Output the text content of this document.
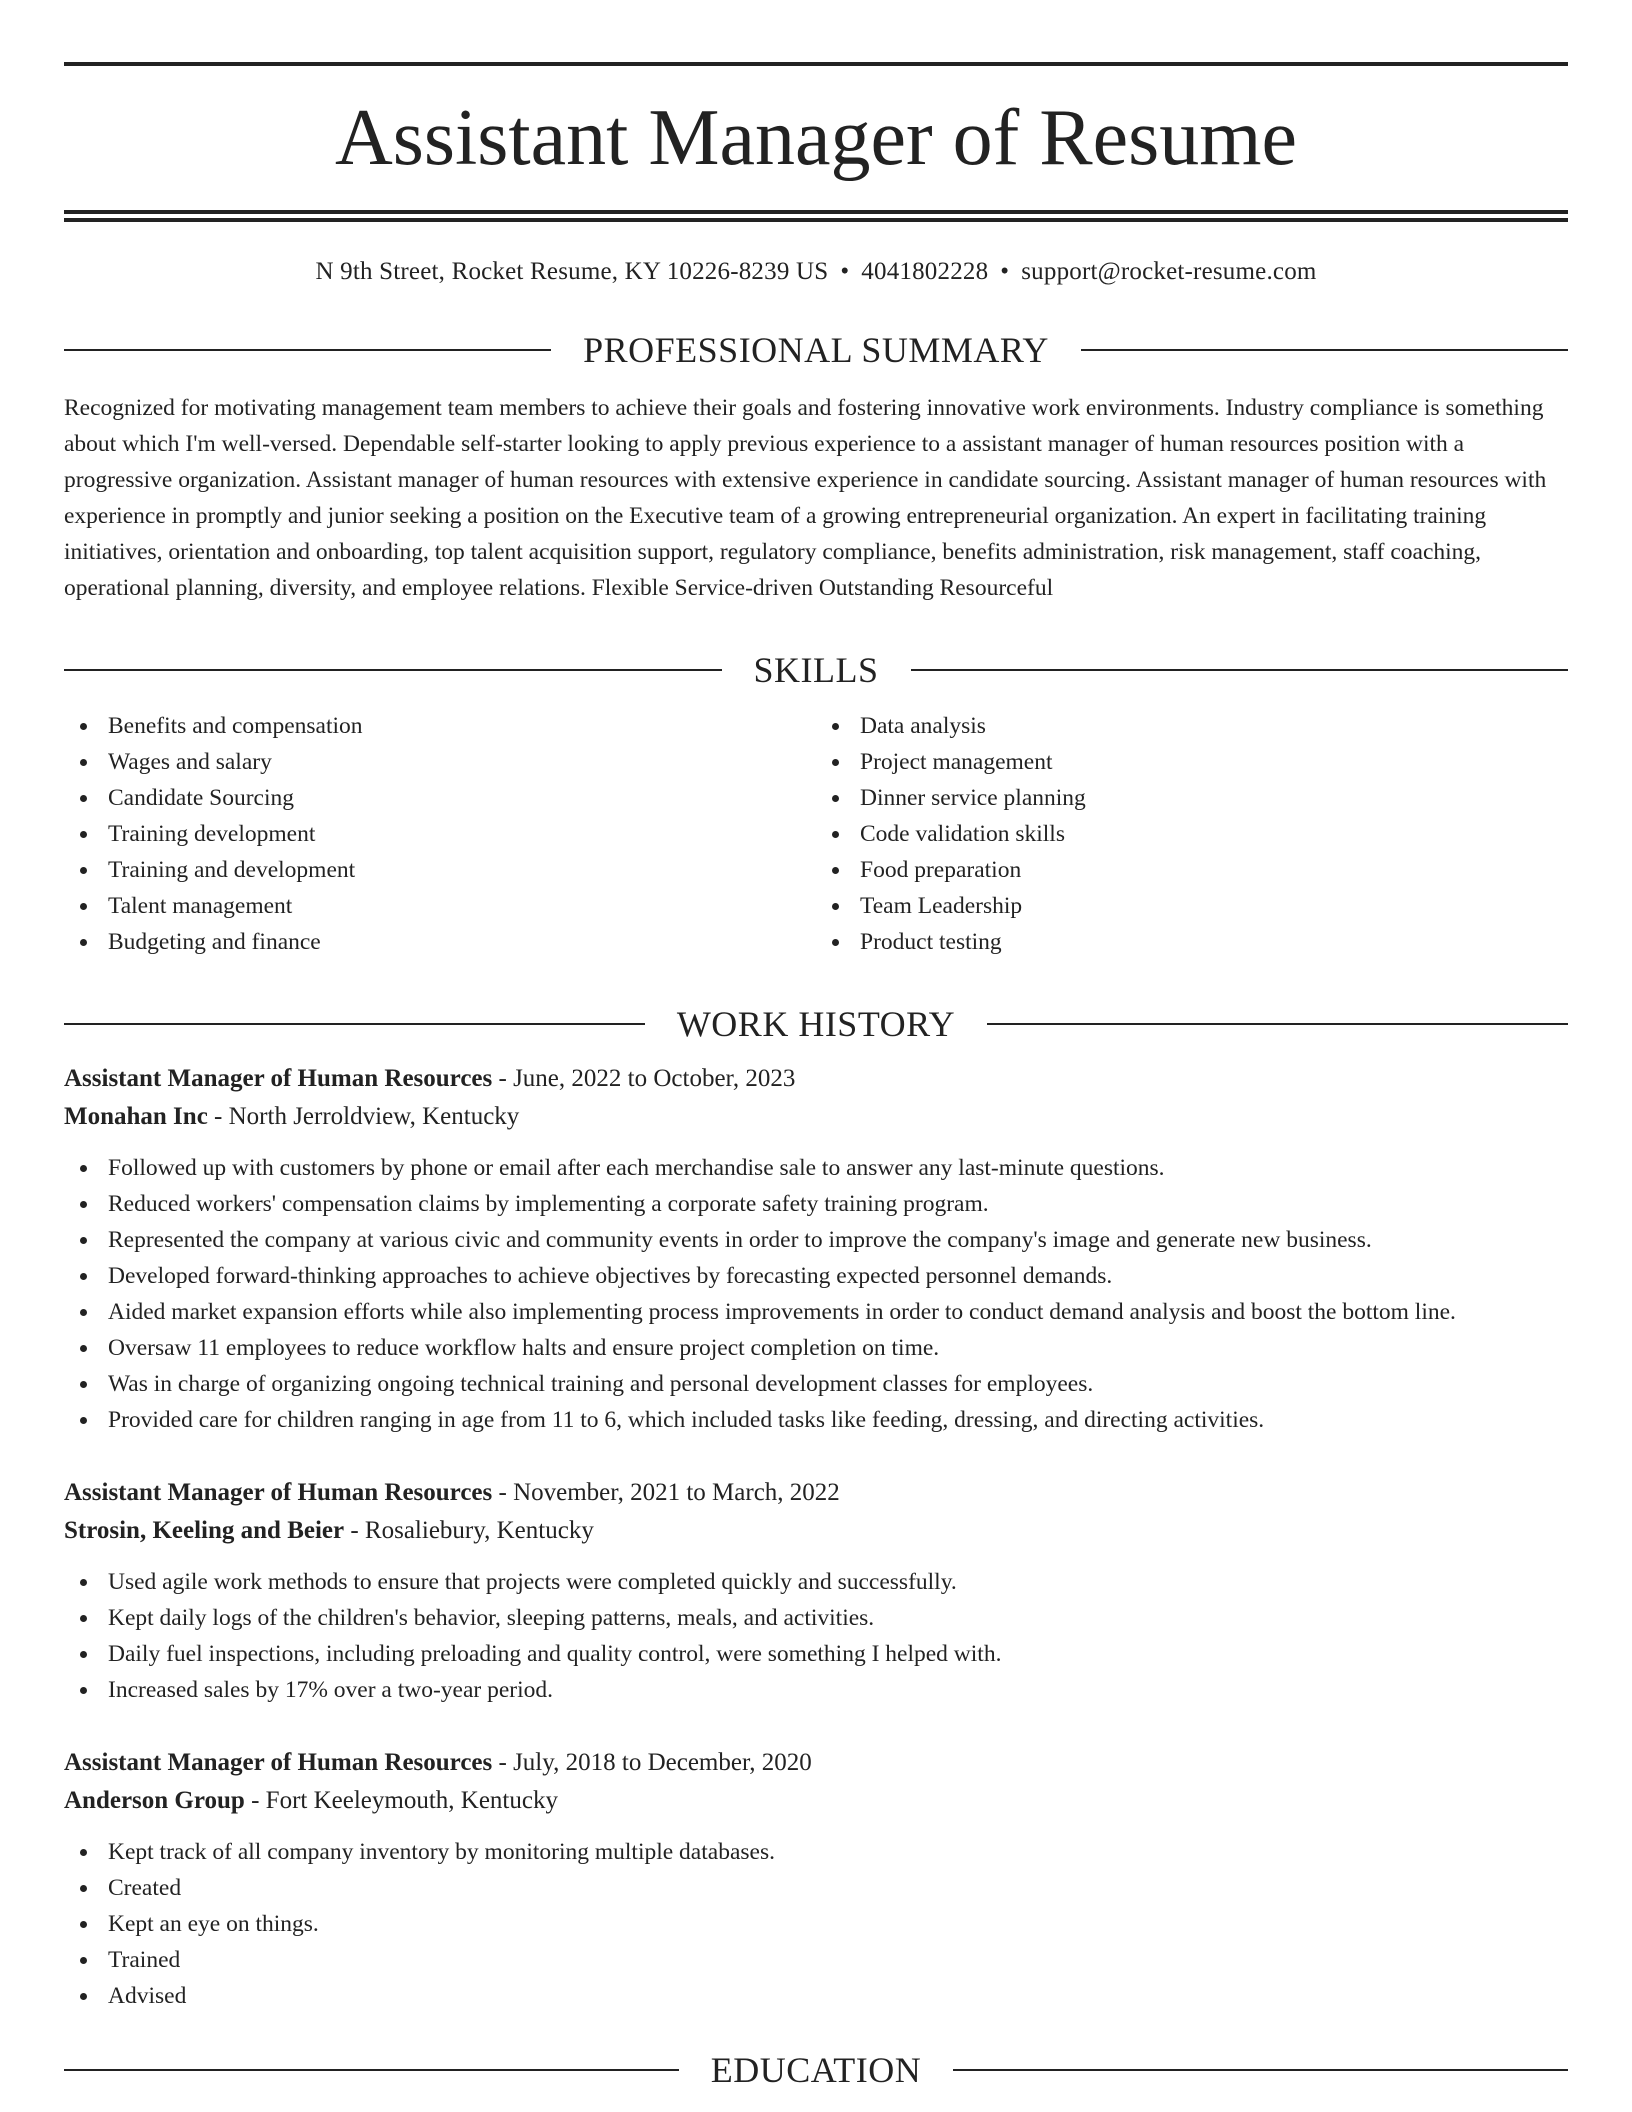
Assistant Manager of Resume
N 9th Street, Rocket Resume, KY 10226-8239 US • 4041802228 • support@rocket-resume.com
PROFESSIONAL SUMMARY
Recognized for motivating management team members to achieve their goals and fostering innovative work environments. Industry compliance is something about which I'm well-versed. Dependable self-starter looking to apply previous experience to a assistant manager of human resources position with a progressive organization. Assistant manager of human resources with extensive experience in candidate sourcing. Assistant manager of human resources with experience in promptly and junior seeking a position on the Executive team of a growing entrepreneurial organization. An expert in facilitating training initiatives, orientation and onboarding, top talent acquisition support, regulatory compliance, benefits administration, risk management, staff coaching, operational planning, diversity, and employee relations. Flexible Service-driven Outstanding Resourceful
SKILLS
Benefits and compensation
Wages and salary
Candidate Sourcing
Training development
Training and development
Talent management
Budgeting and finance
Data analysis
Project management
Dinner service planning
Code validation skills
Food preparation
Team Leadership
Product testing
WORK HISTORY
Assistant Manager of Human Resources - June, 2022 to October, 2023
Monahan Inc - North Jerroldview, Kentucky
Followed up with customers by phone or email after each merchandise sale to answer any last-minute questions.
Reduced workers' compensation claims by implementing a corporate safety training program.
Represented the company at various civic and community events in order to improve the company's image and generate new business.
Developed forward-thinking approaches to achieve objectives by forecasting expected personnel demands.
Aided market expansion efforts while also implementing process improvements in order to conduct demand analysis and boost the bottom line.
Oversaw 11 employees to reduce workflow halts and ensure project completion on time.
Was in charge of organizing ongoing technical training and personal development classes for employees.
Provided care for children ranging in age from 11 to 6, which included tasks like feeding, dressing, and directing activities.
Assistant Manager of Human Resources - November, 2021 to March, 2022
Strosin, Keeling and Beier - Rosaliebury, Kentucky
Used agile work methods to ensure that projects were completed quickly and successfully.
Kept daily logs of the children's behavior, sleeping patterns, meals, and activities.
Daily fuel inspections, including preloading and quality control, were something I helped with.
Increased sales by 17% over a two-year period.
Assistant Manager of Human Resources - July, 2018 to December, 2020
Anderson Group - Fort Keeleymouth, Kentucky
Kept track of all company inventory by monitoring multiple databases.
Created
Kept an eye on things.
Trained
Advised
EDUCATION
